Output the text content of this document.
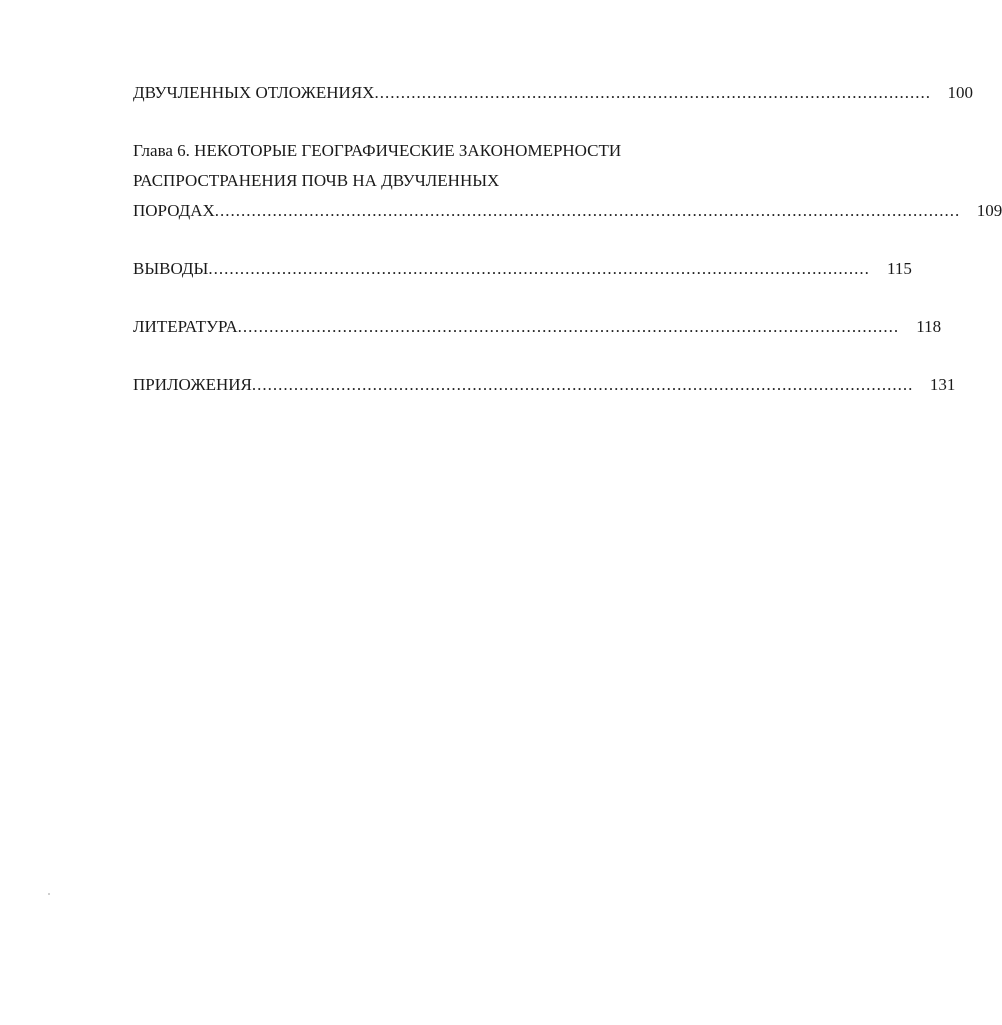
ДВУЧЛЕННЫХ ОТЛОЖЕНИЯХ .......................................................................................................... 100
Глава 6. НЕКОТОРЫЕ ГЕОГРАФИЧЕСКИЕ ЗАКОНОМЕРНОСТИ
РАСПРОСТРАНЕНИЯ ПОЧВ НА ДВУЧЛЕННЫХ
ПОРОДАХ .............................................................................................................................................. 109
ВЫВОДЫ ..............................................................................................................................	115
ЛИТЕРАТУРА ..............................................................................................................................	118
ПРИЛОЖЕНИЯ .............................................................................................................................. 131
